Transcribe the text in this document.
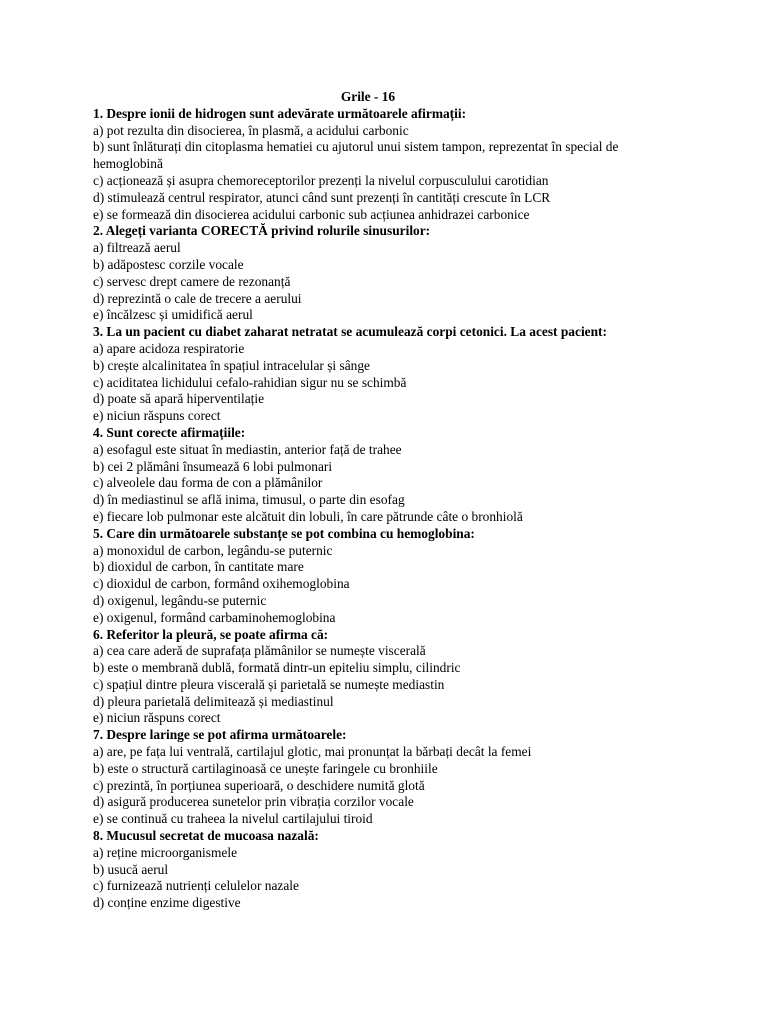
Grile - 16

1. Despre ionii de hidrogen sunt adevărate următoarele afirmații:

a) pot rezulta din disocierea, în plasmă, a acidului carbonic

b) sunt înlăturați din citoplasma hematiei cu ajutorul unui sistem tampon, reprezentat în special de hemoglobină

c) acționează și asupra chemoreceptorilor prezenți la nivelul corpusculului carotidian

d) stimulează centrul respirator, atunci când sunt prezenți în cantități crescute în LCR

e) se formează din disocierea acidului carbonic sub acțiunea anhidrazei carbonice

2. Alegeți varianta CORECTĂ privind rolurile sinusurilor:

a) filtrează aerul

b) adăpostesc corzile vocale

c) servesc drept camere de rezonanță

d) reprezintă o cale de trecere a aerului

e) încălzesc și umidifică aerul

3. La un pacient cu diabet zaharat netratat se acumulează corpi cetonici. La acest pacient:

a) apare acidoza respiratorie

b) crește alcalinitatea în spațiul intracelular și sânge

c) aciditatea lichidului cefalo-rahidian sigur nu se schimbă

d) poate să apară hiperventilație

e) niciun răspuns corect

4. Sunt corecte afirmațiile:

a) esofagul este situat în mediastin, anterior față de trahee

b) cei 2 plămâni însumează 6 lobi pulmonari

c) alveolele dau forma de con a plămânilor

d) în mediastinul se află inima, timusul, o parte din esofag

e) fiecare lob pulmonar este alcătuit din lobuli, în care pătrunde câte o bronhiolă

5. Care din următoarele substanțe se pot combina cu hemoglobina:

a) monoxidul de carbon, legându-se puternic

b) dioxidul de carbon, în cantitate mare

c) dioxidul de carbon, formând oxihemoglobina

d) oxigenul, legându-se puternic

e) oxigenul, formând carbaminohemoglobina

6. Referitor la pleură, se poate afirma că:

a) cea care aderă de suprafața plămânilor se numește viscerală

b) este o membrană dublă, formată dintr-un epiteliu simplu, cilindric

c) spațiul dintre pleura viscerală și parietală se numește mediastin

d) pleura parietală delimitează și mediastinul

e) niciun răspuns corect

7. Despre laringe se pot afirma următoarele:

a) are, pe fața lui ventrală, cartilajul glotic, mai pronunțat la bărbați decât la femei

b) este o structură cartilaginoasă ce unește faringele cu bronhiile

c) prezintă, în porțiunea superioară, o deschidere numită glotă

d) asigură producerea sunetelor prin vibrația corzilor vocale

e) se continuă cu traheea la nivelul cartilajului tiroid

8. Mucusul secretat de mucoasa nazală:

a) reține microorganismele

b) usucă aerul

c) furnizează nutrienți celulelor nazale

d) conține enzime digestive
